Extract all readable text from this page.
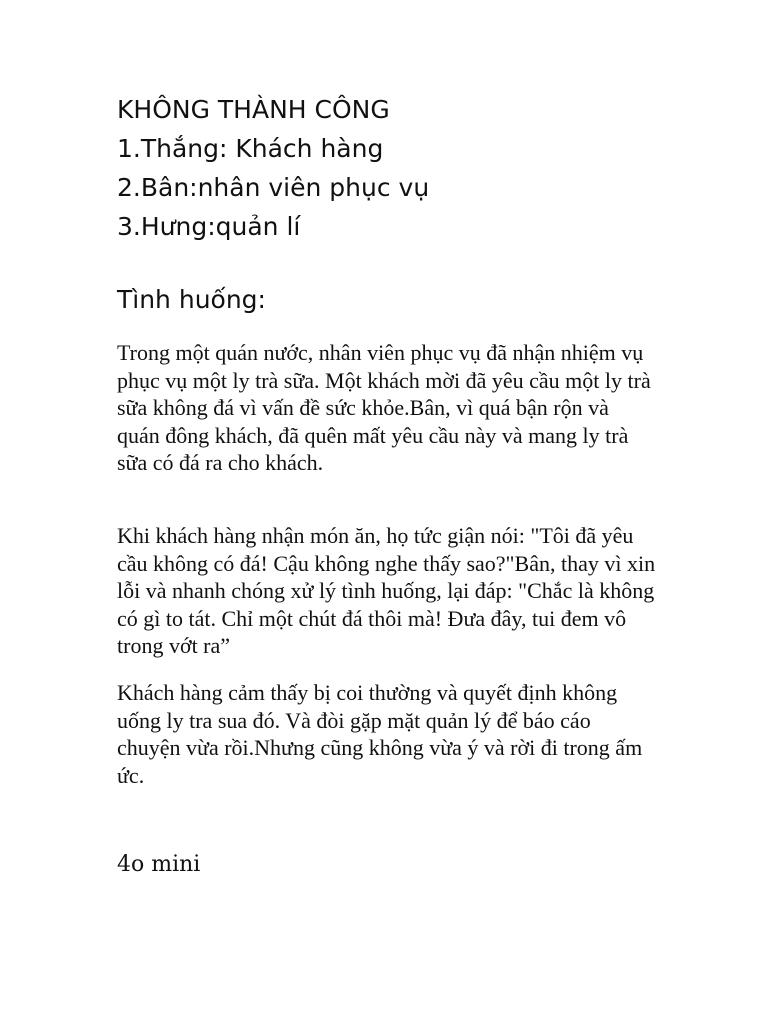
KHÔNG THÀNH CÔNG
1.Thắng: Khách hàng
2.Bân:nhân viên phục vụ
3.Hưng:quản lí
Tình huống:

Trong một quán nước, nhân viên phục vụ đã nhận nhiệm vụ phục vụ một ly trà sữa. Một khách mời đã yêu cầu một ly trà sữa không đá vì vấn đề sức khỏe.Bân, vì quá bận rộn và quán đông khách, đã quên mất yêu cầu này và mang ly trà sữa có đá ra cho khách.

Khi khách hàng nhận món ăn, họ tức giận nói: "Tôi đã yêu cầu không có đá! Cậu không nghe thấy sao?"Bân, thay vì xin lỗi và nhanh chóng xử lý tình huống, lại đáp: "Chắc là không có gì to tát. Chỉ một chút đá thôi mà! Đưa đây, tui đem vô trong vớt ra”

Khách hàng cảm thấy bị coi thường và quyết định không uống ly tra sua đó. Và đòi gặp mặt quản lý để báo cáo chuyện vừa rồi.Nhưng cũng không vừa ý và rời đi trong ấm ức.

4o mini
